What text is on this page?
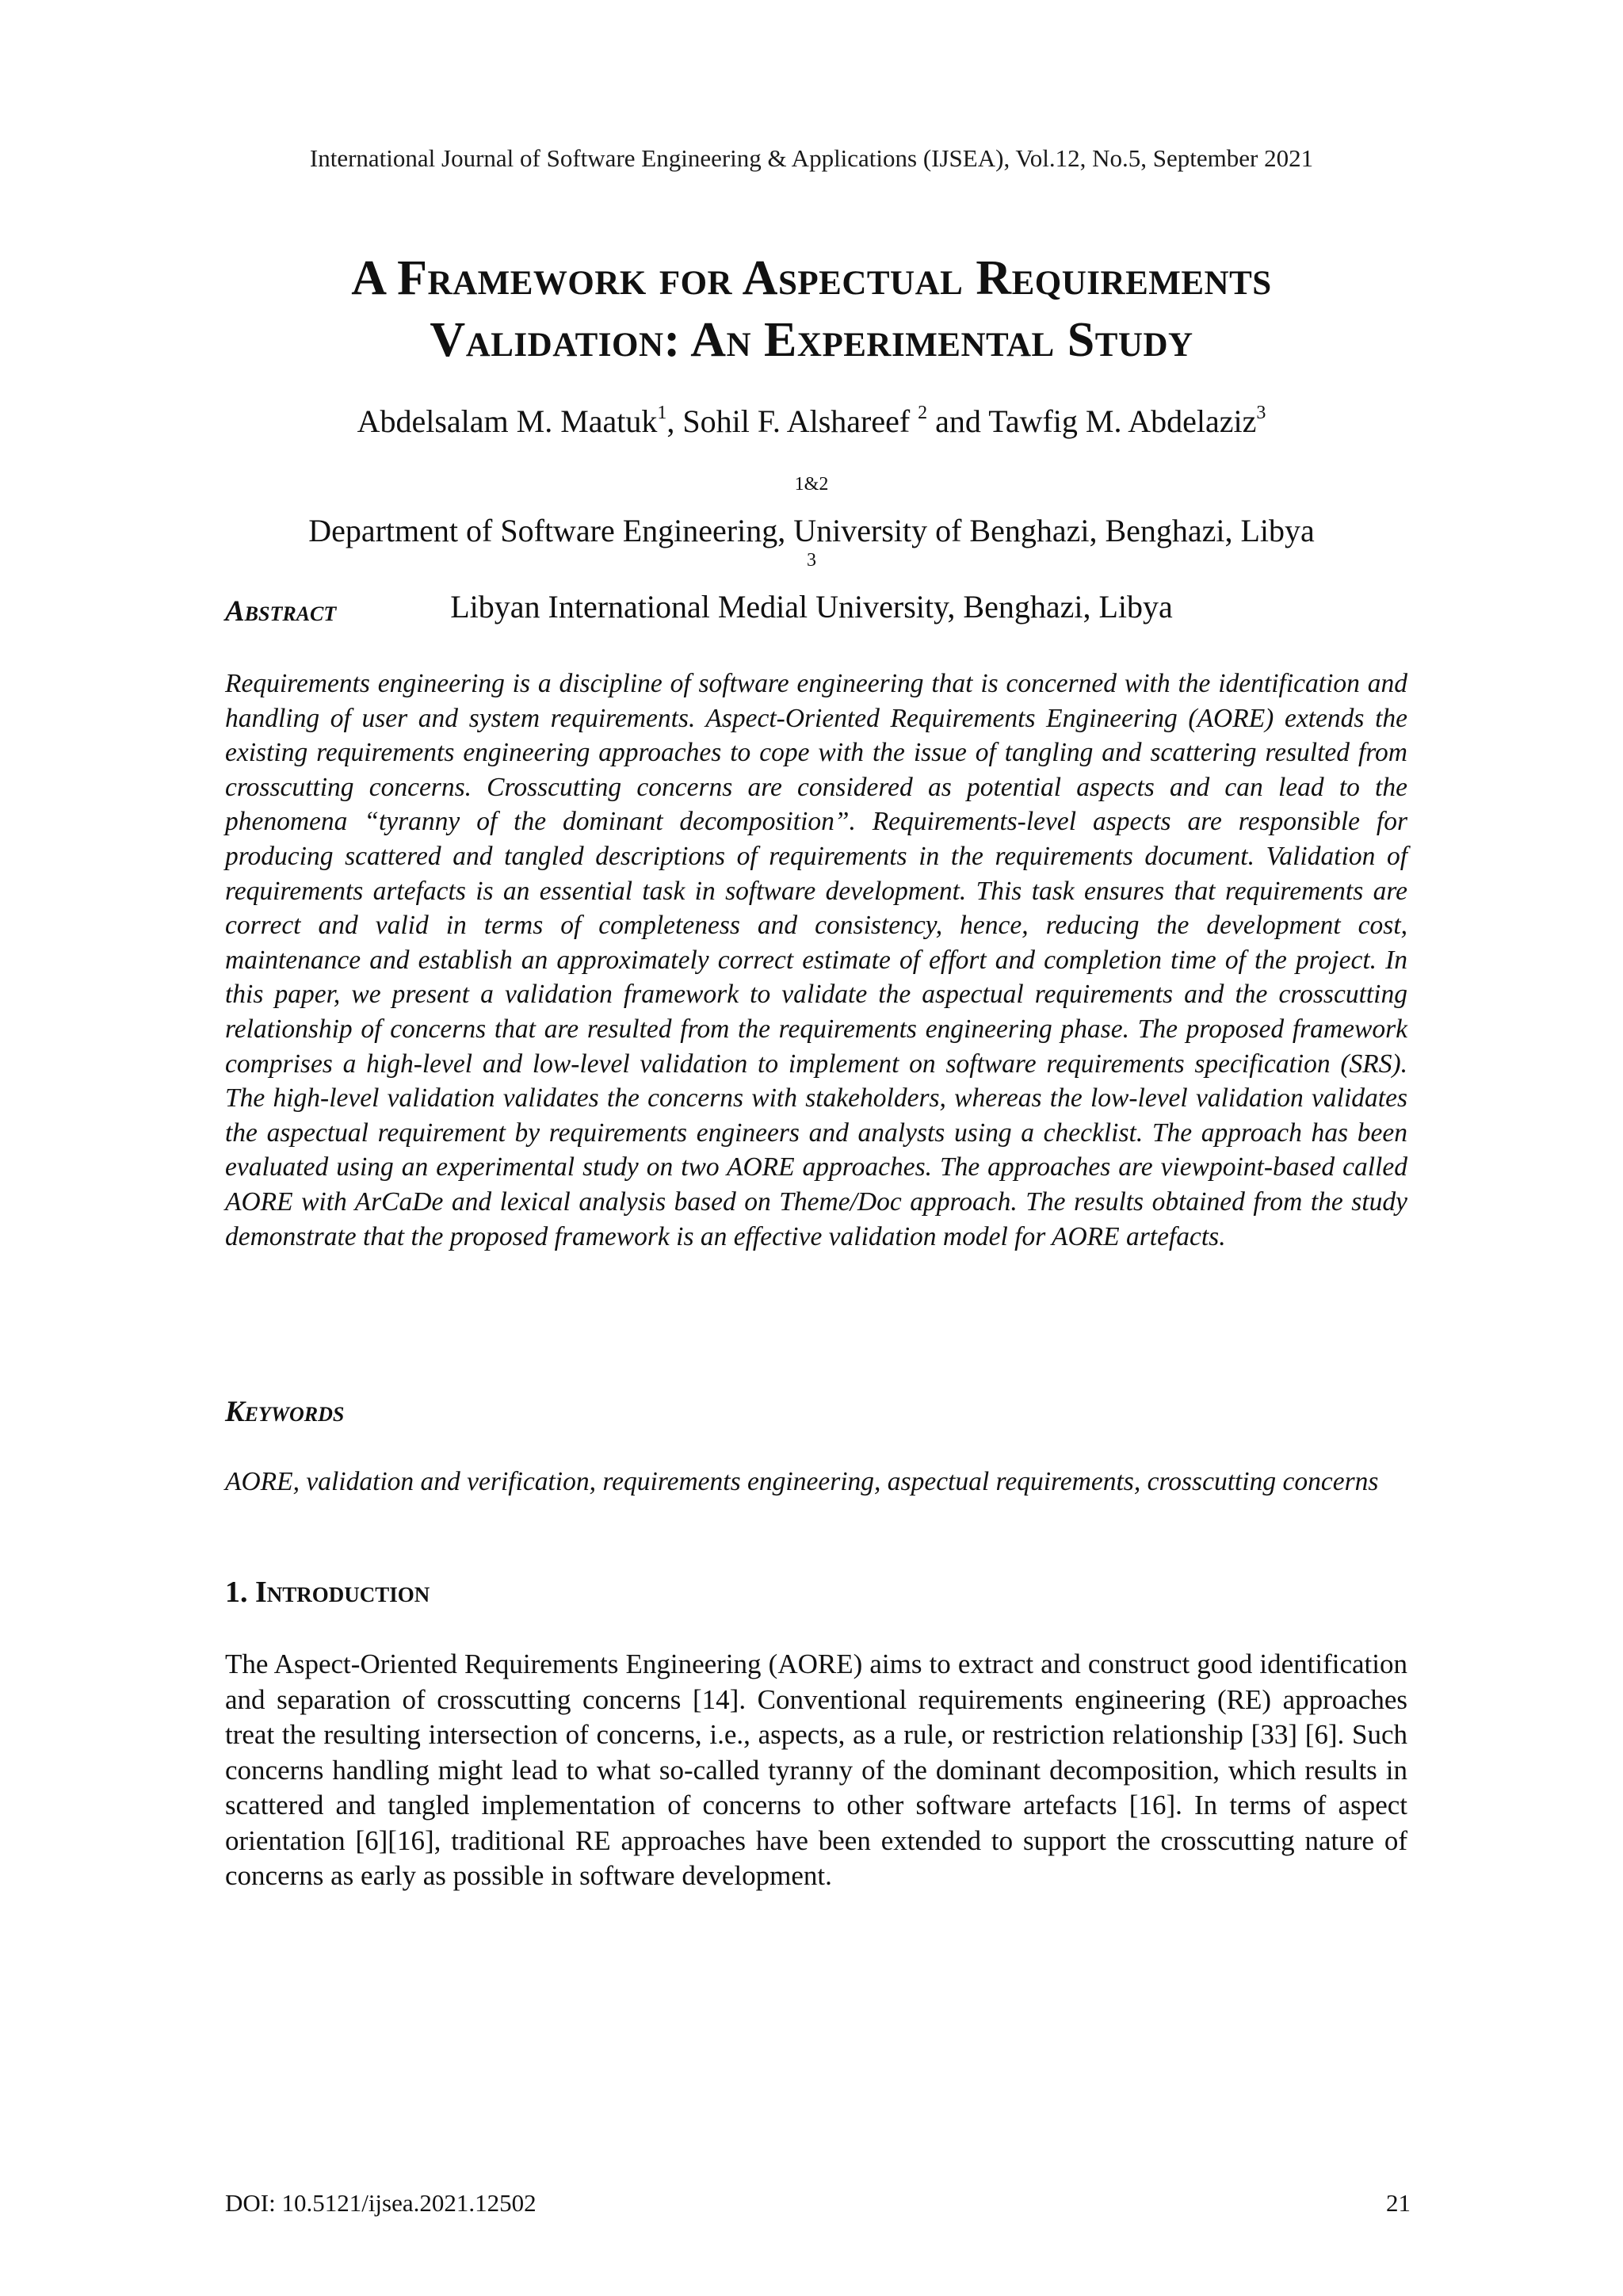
International Journal of Software Engineering & Applications (IJSEA), Vol.12, No.5, September 2021
A Framework for Aspectual Requirements
Validation: An Experimental Study
Abdelsalam M. Maatuk$^1$, Sohil F. Alshareef $^2$ and Tawfig M. Abdelaziz$^3$
$^{1\&2}$
Department of Software Engineering, University of Benghazi, Benghazi, Libya
$^3$
Libyan International Medial University, Benghazi, Libya
Abstract
Requirements engineering is a discipline of software engineering that is concerned with the identification and handling of user and system requirements. Aspect-Oriented Requirements Engineering (AORE) extends the existing requirements engineering approaches to cope with the issue of tangling and scattering resulted from crosscutting concerns. Crosscutting concerns are considered as potential aspects and can lead to the phenomena “tyranny of the dominant decomposition”. Requirements-level aspects are responsible for producing scattered and tangled descriptions of requirements in the requirements document. Validation of requirements artefacts is an essential task in software development. This task ensures that requirements are correct and valid in terms of completeness and consistency, hence, reducing the development cost, maintenance and establish an approximately correct estimate of effort and completion time of the project. In this paper, we present a validation framework to validate the aspectual requirements and the crosscutting relationship of concerns that are resulted from the requirements engineering phase. The proposed framework comprises a high-level and low-level validation to implement on software requirements specification (SRS). The high-level validation validates the concerns with stakeholders, whereas the low-level validation validates the aspectual requirement by requirements engineers and analysts using a checklist. The approach has been evaluated using an experimental study on two AORE approaches. The approaches are viewpoint-based called AORE with ArCaDe and lexical analysis based on Theme/Doc approach. The results obtained from the study demonstrate that the proposed framework is an effective validation model for AORE artefacts.
Keywords
AORE, validation and verification, requirements engineering, aspectual requirements, crosscutting concerns
1. Introduction
The Aspect-Oriented Requirements Engineering (AORE) aims to extract and construct good identification and separation of crosscutting concerns [14]. Conventional requirements engineering (RE) approaches treat the resulting intersection of concerns, i.e., aspects, as a rule, or restriction relationship [33] [6]. Such concerns handling might lead to what so-called tyranny of the dominant decomposition, which results in scattered and tangled implementation of concerns to other software artefacts [16]. In terms of aspect orientation [6][16], traditional RE approaches have been extended to support the crosscutting nature of concerns as early as possible in software development.
DOI: 10.5121/ijsea.2021.12502	21
